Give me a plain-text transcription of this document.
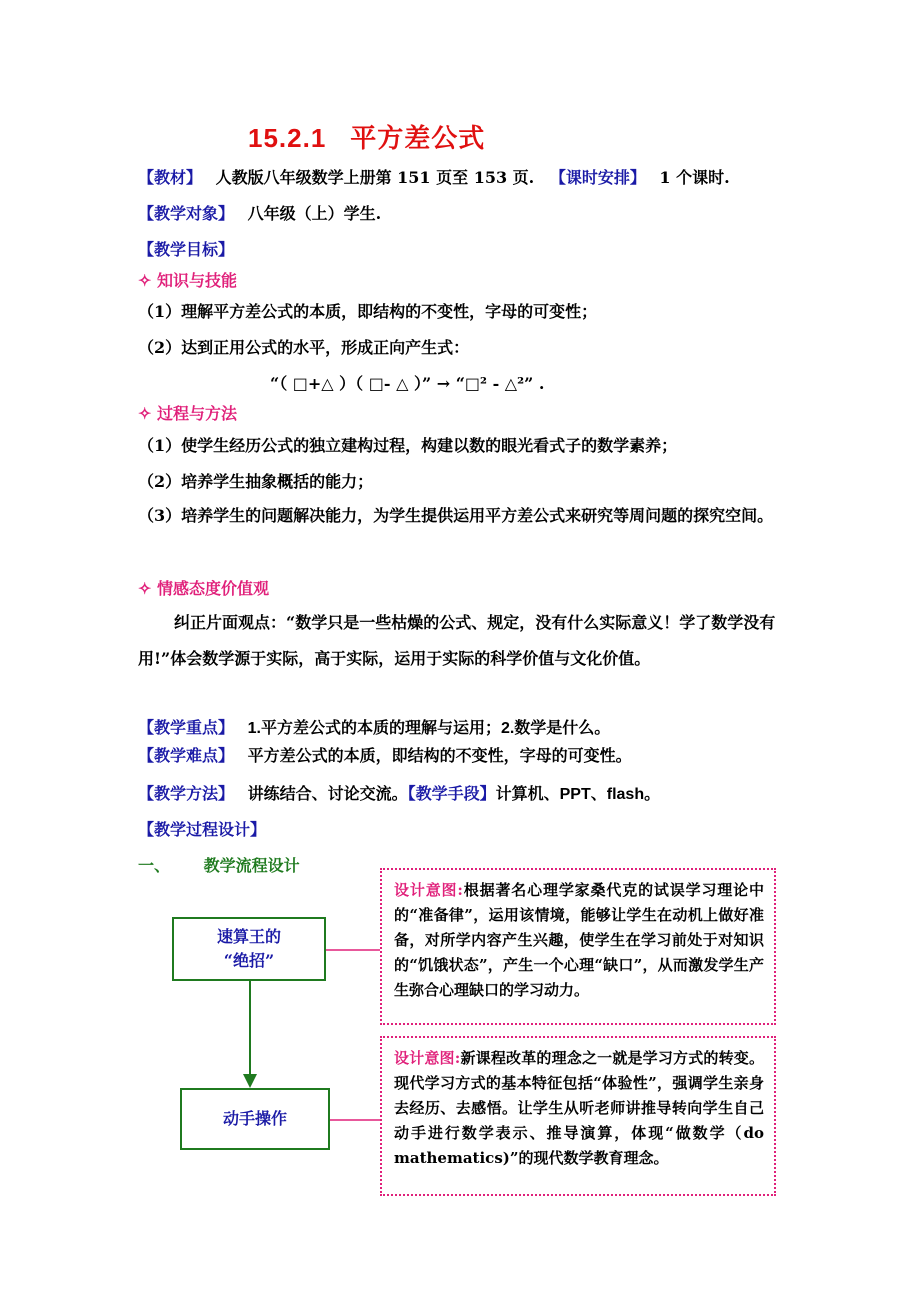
15.2.1 平方差公式
【教材】 人教版八年级数学上册第 151 页至 153 页. 【课时安排】 1 个课时.
【教学对象】 八年级（上）学生.
【教学目标】
✧ 知识与技能
（1）理解平方差公式的本质，即结构的不变性，字母的可变性；
（2）达到正用公式的水平，形成正向产生式：
“（ □+△ ）（ □- △ ）” → “□² - △²” .
✧ 过程与方法
（1）使学生经历公式的独立建构过程，构建以数的眼光看式子的数学素养；
（2）培养学生抽象概括的能力；
（3）培养学生的问题解决能力，为学生提供运用平方差公式来研究等周问题的探究空间。
✧ 情感态度价值观
纠正片面观点：“数学只是一些枯燥的公式、规定，没有什么实际意义！学了数学没有用!”体会数学源于实际，高于实际，运用于实际的科学价值与文化价值。
【教学重点】 1.平方差公式的本质的理解与运用；2.数学是什么。
【教学难点】 平方差公式的本质，即结构的不变性，字母的可变性。
【教学方法】 讲练结合、讨论交流。【教学手段】计算机、PPT、flash。
【教学过程设计】
一、 教学流程设计
速算王的
“绝招”
动手操作
设计意图:根据著名心理学家桑代克的试误学习理论中的“准备律”，运用该情境，能够让学生在动机上做好准备，对所学内容产生兴趣，使学生在学习前处于对知识的“饥饿状态”，产生一个心理“缺口”，从而激发学生产生弥合心理缺口的学习动力。
设计意图:新课程改革的理念之一就是学习方式的转变。现代学习方式的基本特征包括“体验性”，强调学生亲身去经历、去感悟。让学生从听老师讲推导转向学生自己动手进行数学表示、推导演算，体现“做数学（do mathematics)”的现代数学教育理念。
